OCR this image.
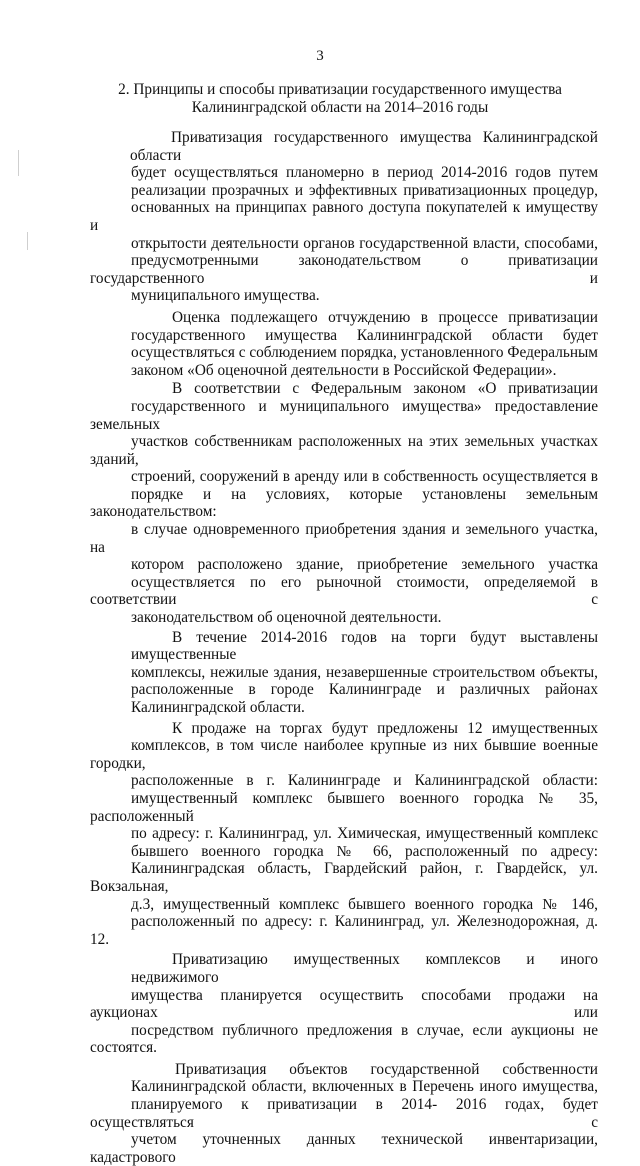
3
2. Принципы и способы приватизации государственного имущества
Калининградской области на 2014–2016 годы
Приватизация государственного имущества Калининградской области
будет осуществляться планомерно в период 2014-2016 годов путем
реализации прозрачных и эффективных приватизационных процедур,
основанных на принципах равного доступа покупателей к имуществу и
открытости деятельности органов государственной власти, способами,
предусмотренными законодательством о приватизации государственного и
муниципального имущества.
Оценка подлежащего отчуждению в процессе приватизации
государственного имущества Калининградской области будет
осуществляться с соблюдением порядка, установленного Федеральным
законом «Об оценочной деятельности в Российской Федерации».
В соответствии с Федеральным законом «О приватизации
государственного и муниципального имущества» предоставление земельных
участков собственникам расположенных на этих земельных участках зданий,
строений, сооружений в аренду или в собственность осуществляется в
порядке и на условиях, которые установлены земельным законодательством:
в случае одновременного приобретения здания и земельного участка, на
котором расположено здание, приобретение земельного участка
осуществляется по его рыночной стоимости, определяемой в соответствии с
законодательством об оценочной деятельности.
В течение 2014-2016 годов на торги будут выставлены имущественные
комплексы, нежилые здания, незавершенные строительством объекты,
расположенные в городе Калининграде и различных районах
Калининградской области.
К продаже на торгах будут предложены 12 имущественных
комплексов, в том числе наиболее крупные из них бывшие военные городки,
расположенные в г. Калининграде и Калининградской области:
имущественный комплекс бывшего военного городка № 35, расположенный
по адресу: г. Калининград, ул. Химическая, имущественный комплекс
бывшего военного городка № 66, расположенный по адресу:
Калининградская область, Гвардейский район, г. Гвардейск, ул. Вокзальная,
д.3, имущественный комплекс бывшего военного городка № 146,
расположенный по адресу: г. Калининград, ул. Железнодорожная, д. 12.
Приватизацию имущественных комплексов и иного недвижимого
имущества планируется осуществить способами продажи на аукционах или
посредством публичного предложения в случае, если аукционы не состоятся.
Приватизация объектов государственной собственности
Калининградской области, включенных в Перечень иного имущества,
планируемого к приватизации в 2014- 2016 годах, будет осуществляться с
учетом уточненных данных технической инвентаризации, кадастрового
